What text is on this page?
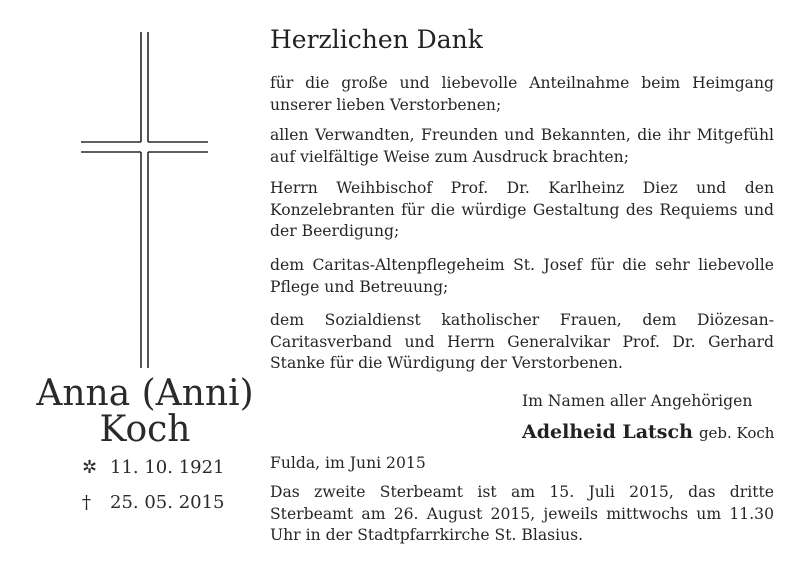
Anna (Anni)
Koch
✲ 11. 10. 1921
† 25. 05. 2015
Herzlichen Dank
für die große und liebevolle Anteilnahme beim Heimgang unserer lieben Verstorbenen;
allen Verwandten, Freunden und Bekannten, die ihr Mitgefühl auf vielfältige Weise zum Ausdruck brachten;
Herrn Weihbischof Prof. Dr. Karlheinz Diez und den Konzelebranten für die würdige Gestaltung des Requiems und der Beerdigung;
dem Caritas-Altenpflegeheim St. Josef für die sehr liebevolle Pflege und Betreuung;
dem Sozialdienst katholischer Frauen, dem Diözesan-Caritasverband und Herrn Generalvikar Prof. Dr. Gerhard Stanke für die Würdigung der Verstorbenen.
Im Namen aller Angehörigen
Adelheid Latsch geb. Koch
Fulda, im Juni 2015
Das zweite Sterbeamt ist am 15. Juli 2015, das dritte Sterbeamt am 26. August 2015, jeweils mittwochs um 11.30 Uhr in der Stadtpfarrkirche St. Blasius.
